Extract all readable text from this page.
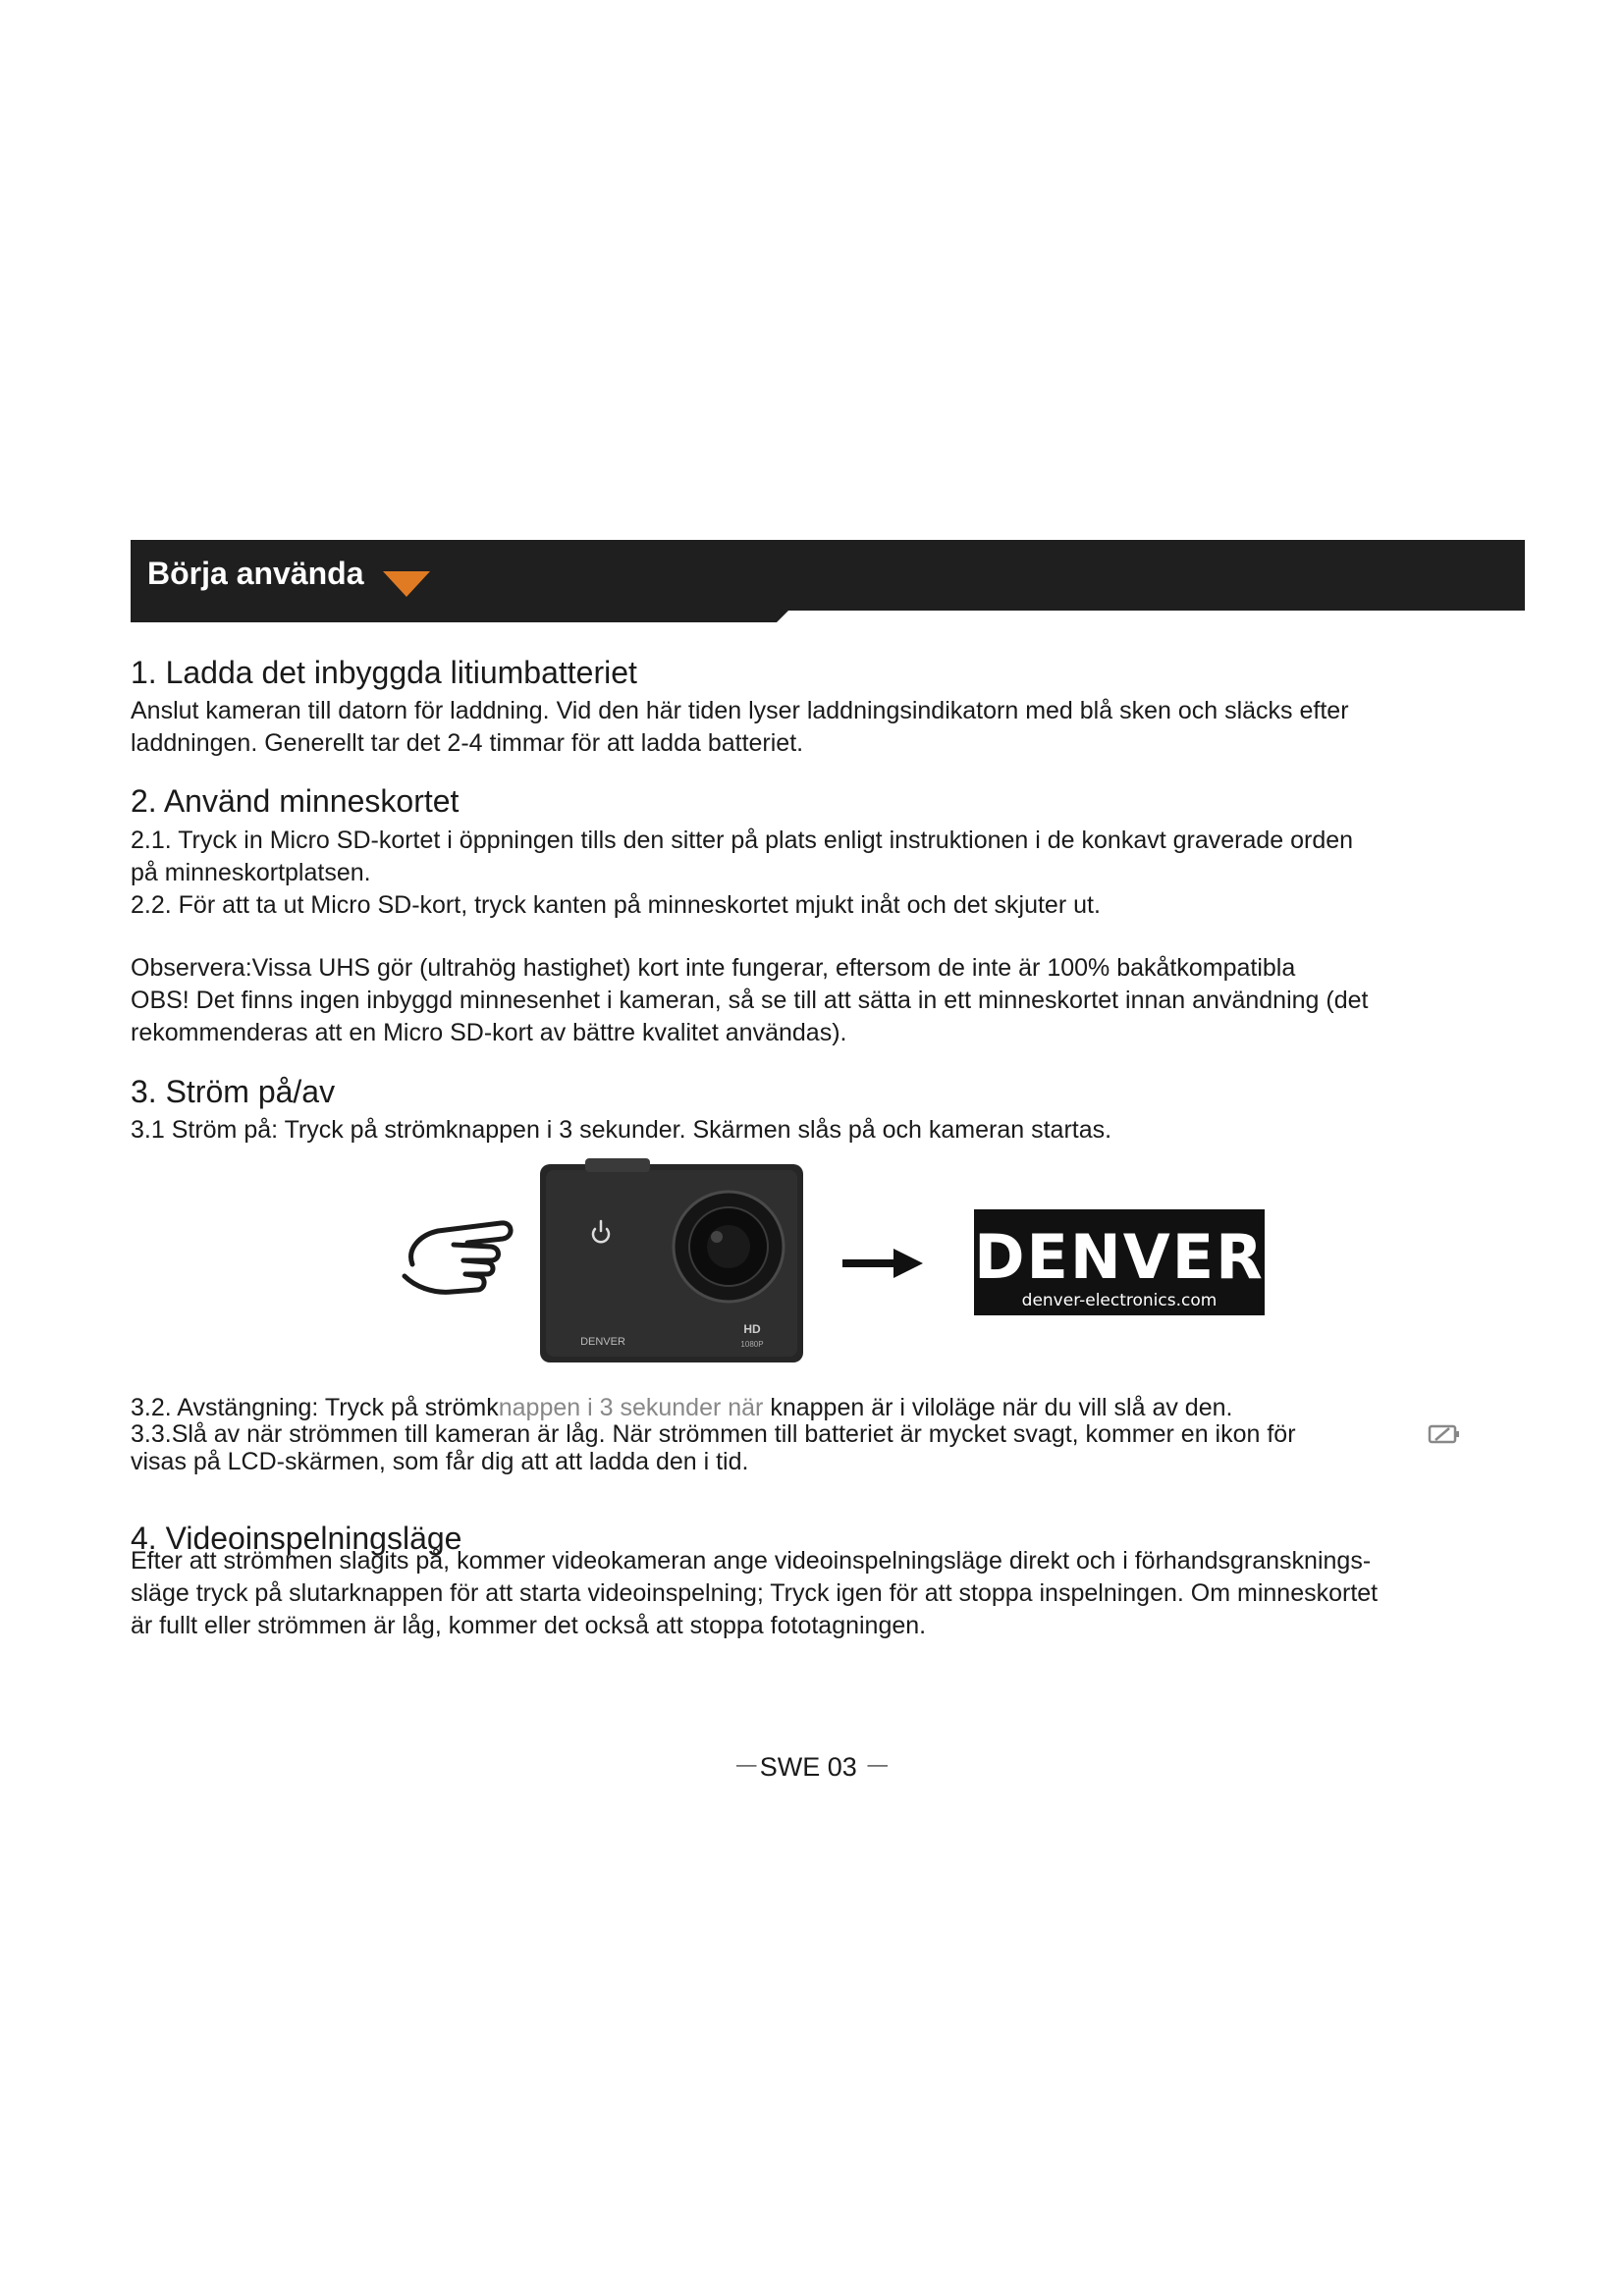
Börja använda
1. Ladda det inbyggda litiumbatteriet
Anslut kameran till datorn för laddning. Vid den här tiden lyser laddningsindikatorn med blå sken och släcks efter
laddningen. Generellt tar det 2-4 timmar för att ladda batteriet.
2. Använd minneskortet
2.1. Tryck in Micro SD-kortet i öppningen tills den sitter på plats enligt instruktionen i de konkavt graverade orden
på minneskortplatsen.
2.2. För att ta ut Micro SD-kort, tryck kanten på minneskortet mjukt inåt och det skjuter ut.
Observera:Vissa UHS gör (ultrahög hastighet) kort inte fungerar, eftersom de inte är 100% bakåtkompatibla
OBS! Det finns ingen inbyggd minnesenhet i kameran, så se till att sätta in ett minneskortet innan användning (det
rekommenderas att en Micro SD-kort av bättre kvalitet användas).
3. Ström på/av
3.1 Ström på: Tryck på strömknappen i 3 sekunder. Skärmen slås på och kameran startas.
DENVER
HD
1080P
DENVER
denver-electronics.com
3.2. Avstängning: Tryck på strömknappen i 3 sekunder när knappen är i viloläge när du vill slå av den.
3.3.Slå av när strömmen till kameran är låg. När strömmen till batteriet är mycket svagt, kommer en ikon för
visas på LCD-skärmen, som får dig att att ladda den i tid.
4. Videoinspelningsläge
Efter att strömmen slagits på, kommer videokameran ange videoinspelningsläge direkt och i förhandsgransknings-
släge tryck på slutarknappen för att starta videoinspelning; Tryck igen för att stoppa inspelningen. Om minneskortet
är fullt eller strömmen är låg, kommer det också att stoppa fototagningen.
－SWE 03 －
